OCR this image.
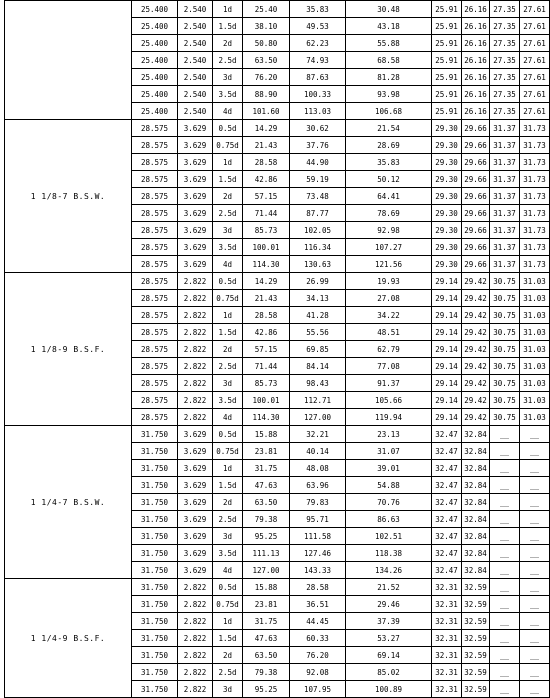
	25.400	2.540	1d	25.40	35.83	30.48	25.91	26.16	27.35	27.61
	25.400	2.540	1.5d	38.10	49.53	43.18	25.91	26.16	27.35	27.61
	25.400	2.540	2d	50.80	62.23	55.88	25.91	26.16	27.35	27.61
	25.400	2.540	2.5d	63.50	74.93	68.58	25.91	26.16	27.35	27.61
	25.400	2.540	3d	76.20	87.63	81.28	25.91	26.16	27.35	27.61
	25.400	2.540	3.5d	88.90	100.33	93.98	25.91	26.16	27.35	27.61
	25.400	2.540	4d	101.60	113.03	106.68	25.91	26.16	27.35	27.61
1 1/8-7 B.S.W.	28.575	3.629	0.5d	14.29	30.62	21.54	29.30	29.66	31.37	31.73
	28.575	3.629	0.75d	21.43	37.76	28.69	29.30	29.66	31.37	31.73
	28.575	3.629	1d	28.58	44.90	35.83	29.30	29.66	31.37	31.73
	28.575	3.629	1.5d	42.86	59.19	50.12	29.30	29.66	31.37	31.73
	28.575	3.629	2d	57.15	73.48	64.41	29.30	29.66	31.37	31.73
	28.575	3.629	2.5d	71.44	87.77	78.69	29.30	29.66	31.37	31.73
	28.575	3.629	3d	85.73	102.05	92.98	29.30	29.66	31.37	31.73
	28.575	3.629	3.5d	100.01	116.34	107.27	29.30	29.66	31.37	31.73
	28.575	3.629	4d	114.30	130.63	121.56	29.30	29.66	31.37	31.73
1 1/8-9 B.S.F.	28.575	2.822	0.5d	14.29	26.99	19.93	29.14	29.42	30.75	31.03
	28.575	2.822	0.75d	21.43	34.13	27.08	29.14	29.42	30.75	31.03
	28.575	2.822	1d	28.58	41.28	34.22	29.14	29.42	30.75	31.03
	28.575	2.822	1.5d	42.86	55.56	48.51	29.14	29.42	30.75	31.03
	28.575	2.822	2d	57.15	69.85	62.79	29.14	29.42	30.75	31.03
	28.575	2.822	2.5d	71.44	84.14	77.08	29.14	29.42	30.75	31.03
	28.575	2.822	3d	85.73	98.43	91.37	29.14	29.42	30.75	31.03
	28.575	2.822	3.5d	100.01	112.71	105.66	29.14	29.42	30.75	31.03
	28.575	2.822	4d	114.30	127.00	119.94	29.14	29.42	30.75	31.03
1 1/4-7 B.S.W.	31.750	3.629	0.5d	15.88	32.21	23.13	32.47	32.84	__	__
	31.750	3.629	0.75d	23.81	40.14	31.07	32.47	32.84	__	__
	31.750	3.629	1d	31.75	48.08	39.01	32.47	32.84	__	__
	31.750	3.629	1.5d	47.63	63.96	54.88	32.47	32.84	__	__
	31.750	3.629	2d	63.50	79.83	70.76	32.47	32.84	__	__
	31.750	3.629	2.5d	79.38	95.71	86.63	32.47	32.84	__	__
	31.750	3.629	3d	95.25	111.58	102.51	32.47	32.84	__	__
	31.750	3.629	3.5d	111.13	127.46	118.38	32.47	32.84	__	__
	31.750	3.629	4d	127.00	143.33	134.26	32.47	32.84	__	__
1 1/4-9 B.S.F.	31.750	2.822	0.5d	15.88	28.58	21.52	32.31	32.59	__	__
	31.750	2.822	0.75d	23.81	36.51	29.46	32.31	32.59	__	__
	31.750	2.822	1d	31.75	44.45	37.39	32.31	32.59	__	__
	31.750	2.822	1.5d	47.63	60.33	53.27	32.31	32.59	__	__
	31.750	2.822	2d	63.50	76.20	69.14	32.31	32.59	__	__
	31.750	2.822	2.5d	79.38	92.08	85.02	32.31	32.59	__	__
	31.750	2.822	3d	95.25	107.95	100.89	32.31	32.59	__	__
